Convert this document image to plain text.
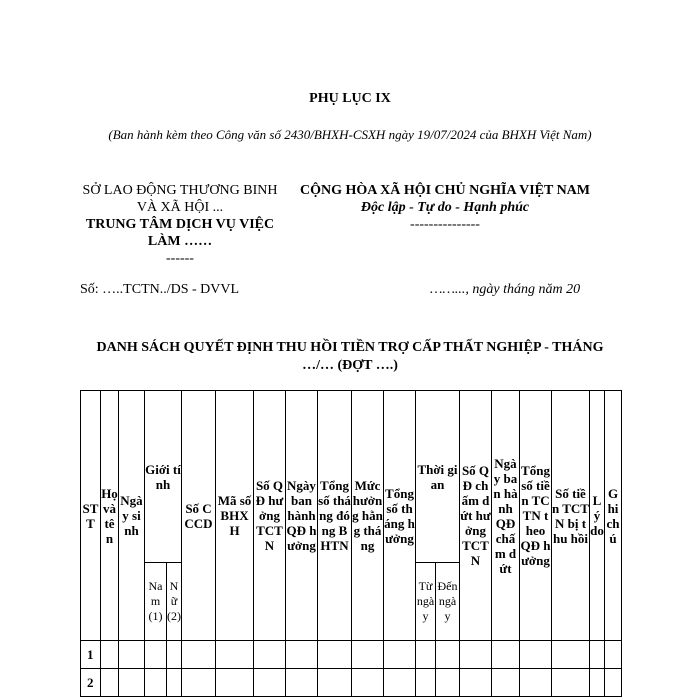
PHỤ LỤC IX
(Ban hành kèm theo Công văn số 2430/BHXH-CSXH ngày 19/07/2024 của BHXH Việt Nam)
SỞ LAO ĐỘNG THƯƠNG BINH VÀ XÃ HỘI ...
TRUNG TÂM DỊCH VỤ VIỆC LÀM ……
------
CỘNG HÒA XÃ HỘI CHỦ NGHĨA VIỆT NAM
Độc lập - Tự do - Hạnh phúc
---------------
Số: …..TCTN../DS - DVVL	……..., ngày tháng năm 20
DANH SÁCH QUYẾT ĐỊNH THU HỒI TIỀN TRỢ CẤP THẤT NGHIỆP - THÁNG …/… (ĐỢT ….)
STT	Họ và tên	Ngày sinh	Giới tính		Số CCCD	Mã số BHXH	Số QĐ hưởng TCTN	Ngày ban hành QĐ hưởng	Tổng số tháng đóng BHTN	Mức hưởng hằng tháng	Tổng số tháng hưởng	Thời gian		Số QĐ chấm dứt hưởng TCTN	Ngày ban hành QĐ chấm dứt	Tổng số tiền TCTN theo QĐ hưởng	Số tiền TCTN bị thu hồi	Lý do	Ghi chú
			Nam (1)	Nữ (2)								Từ ngày	Đến ngày						
1																			
2																			
